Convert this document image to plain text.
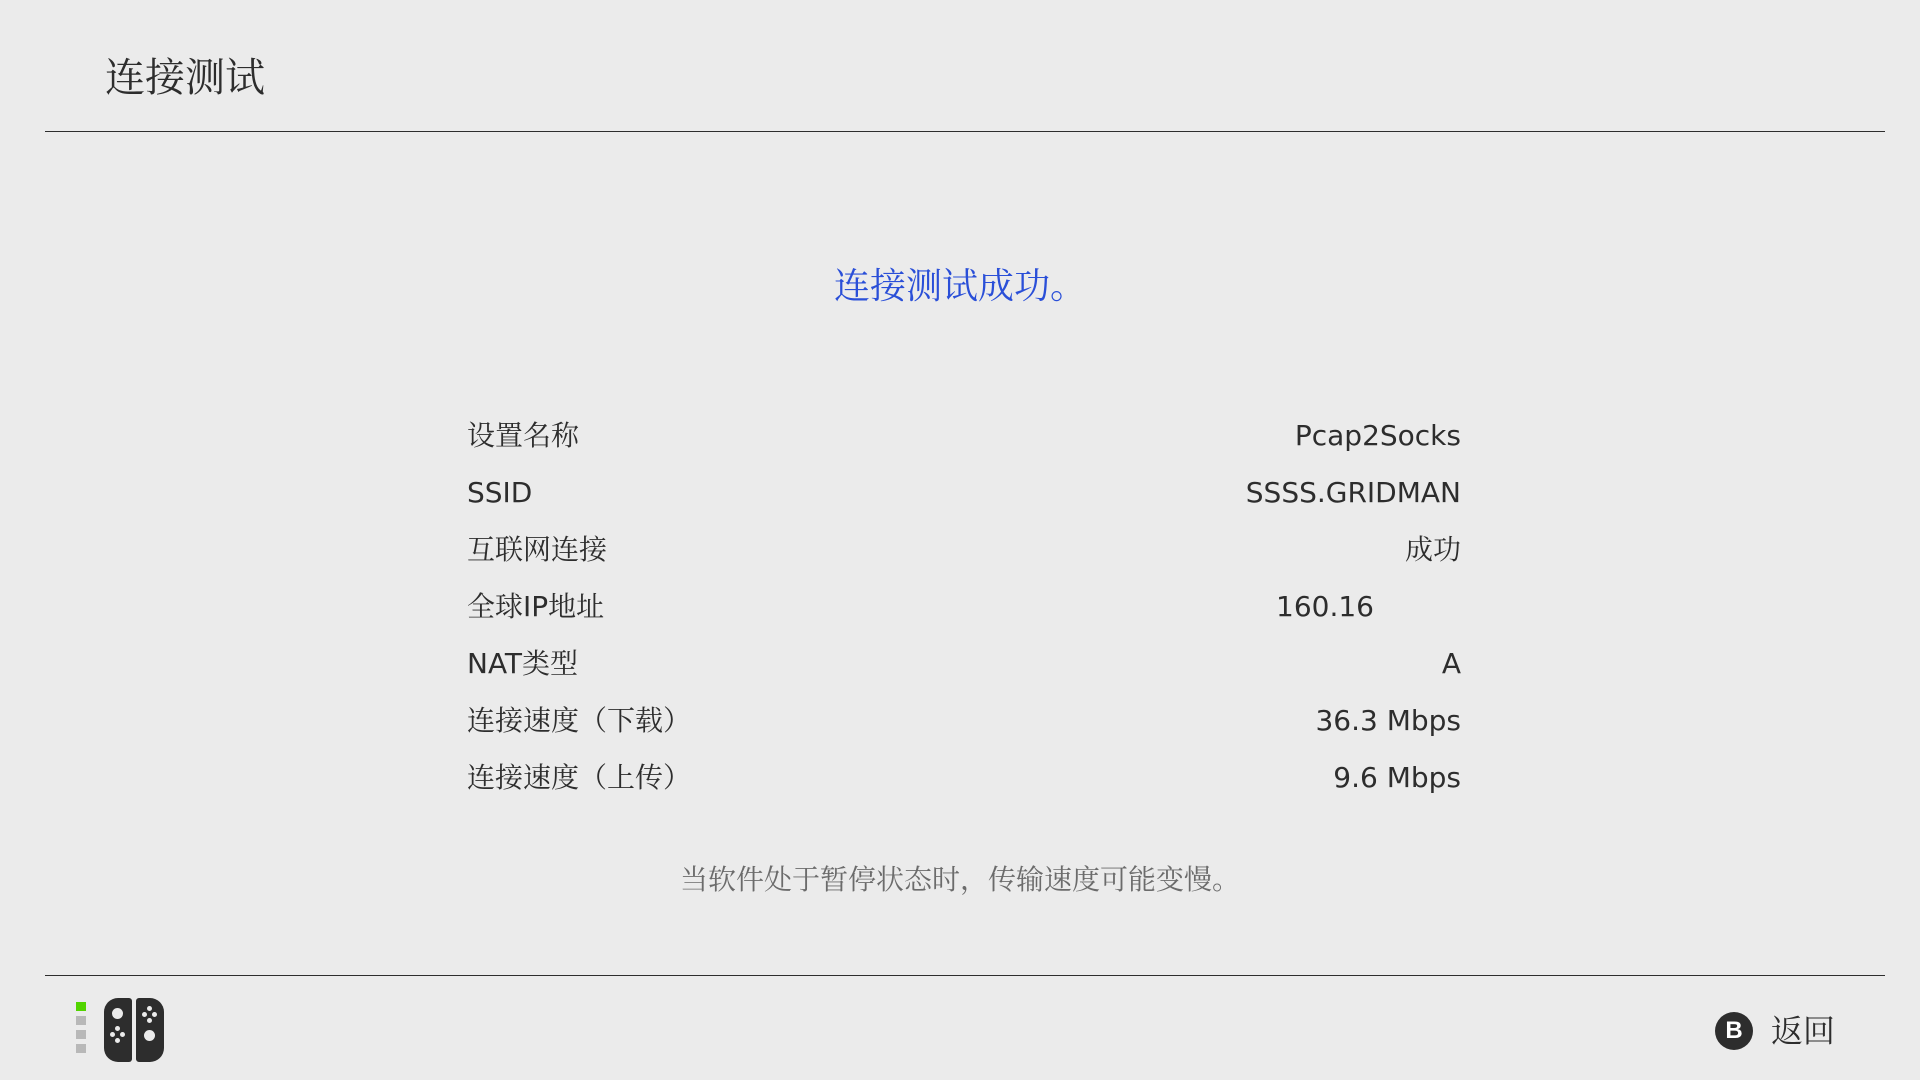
连接测试
连接测试成功。
设置名称	Pcap2Socks
SSID	SSSS.GRIDMAN
互联网连接	成功
全球IP地址	160.16
NAT类型	A
连接速度（下载）	36.3 Mbps
连接速度（上传）	9.6 Mbps
当软件处于暂停状态时，传输速度可能变慢。
B 返回
